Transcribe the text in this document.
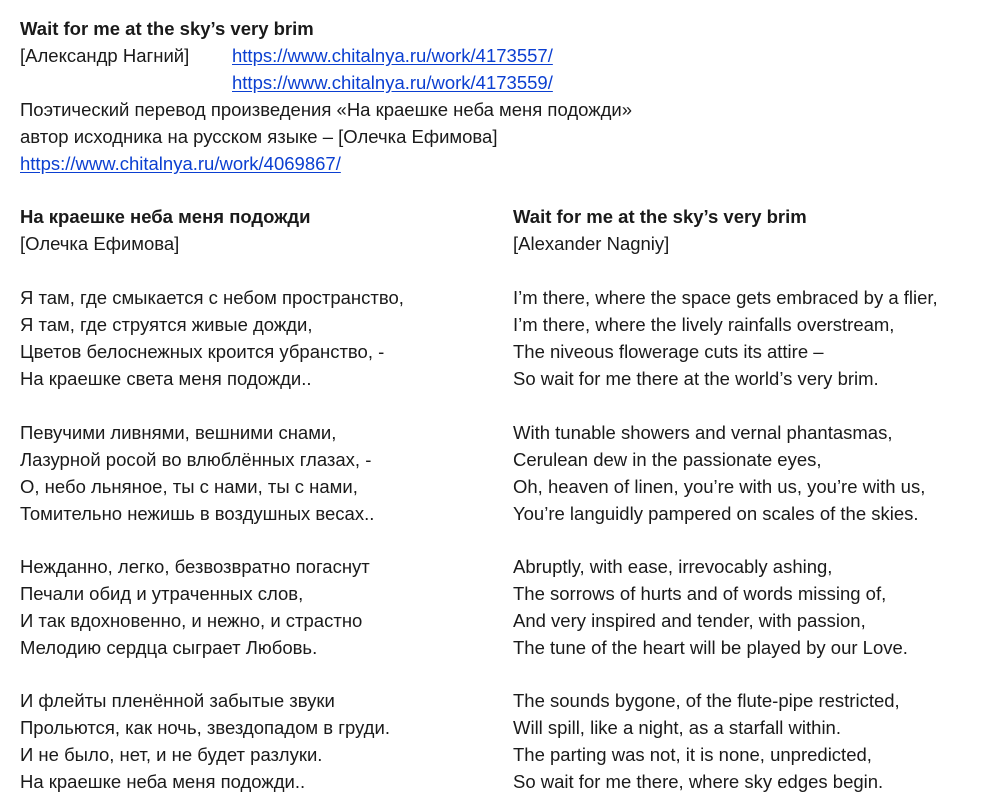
Wait for me at the sky’s very brim
[Александр Нагний] https://www.chitalnya.ru/work/4173557/
https://www.chitalnya.ru/work/4173559/
Поэтический перевод произведения «На краешке неба меня подожди»
автор исходника на русском языке – [Олечка Ефимова]
https://www.chitalnya.ru/work/4069867/
На краешке неба меня подожди
[Олечка Ефимова]
Я там, где смыкается с небом пространство,
Я там, где струятся живые дожди,
Цветов белоснежных кроится убранство, -
На краешке света меня подожди..
Певучими ливнями, вешними снами,
Лазурной росой во влюблённых глазах, -
О, небо льняное, ты с нами, ты с нами,
Томительно нежишь в воздушных весах..
Нежданно, легко, безвозвратно погаснут
Печали обид и утраченных слов,
И так вдохновенно, и нежно, и страстно
Мелодию сердца сыграет Любовь.
И флейты пленённой забытые звуки
Прольются, как ночь, звездопадом в груди.
И не было, нет, и не будет разлуки.
На краешке неба меня подожди..
Wait for me at the sky’s very brim
[Alexander Nagniy]
I’m there, where the space gets embraced by a flier,
I’m there, where the lively rainfalls overstream,
The niveous flowerage cuts its attire –
So wait for me there at the world’s very brim.
With tunable showers and vernal phantasmas,
Cerulean dew in the passionate eyes,
Oh, heaven of linen, you’re with us, you’re with us,
You’re languidly pampered on scales of the skies.
Abruptly, with ease, irrevocably ashing,
The sorrows of hurts and of words missing of,
And very inspired and tender, with passion,
The tune of the heart will be played by our Love.
The sounds bygone, of the flute-pipe restricted,
Will spill, like a night, as a starfall within.
The parting was not, it is none, unpredicted,
So wait for me there, where sky edges begin.
